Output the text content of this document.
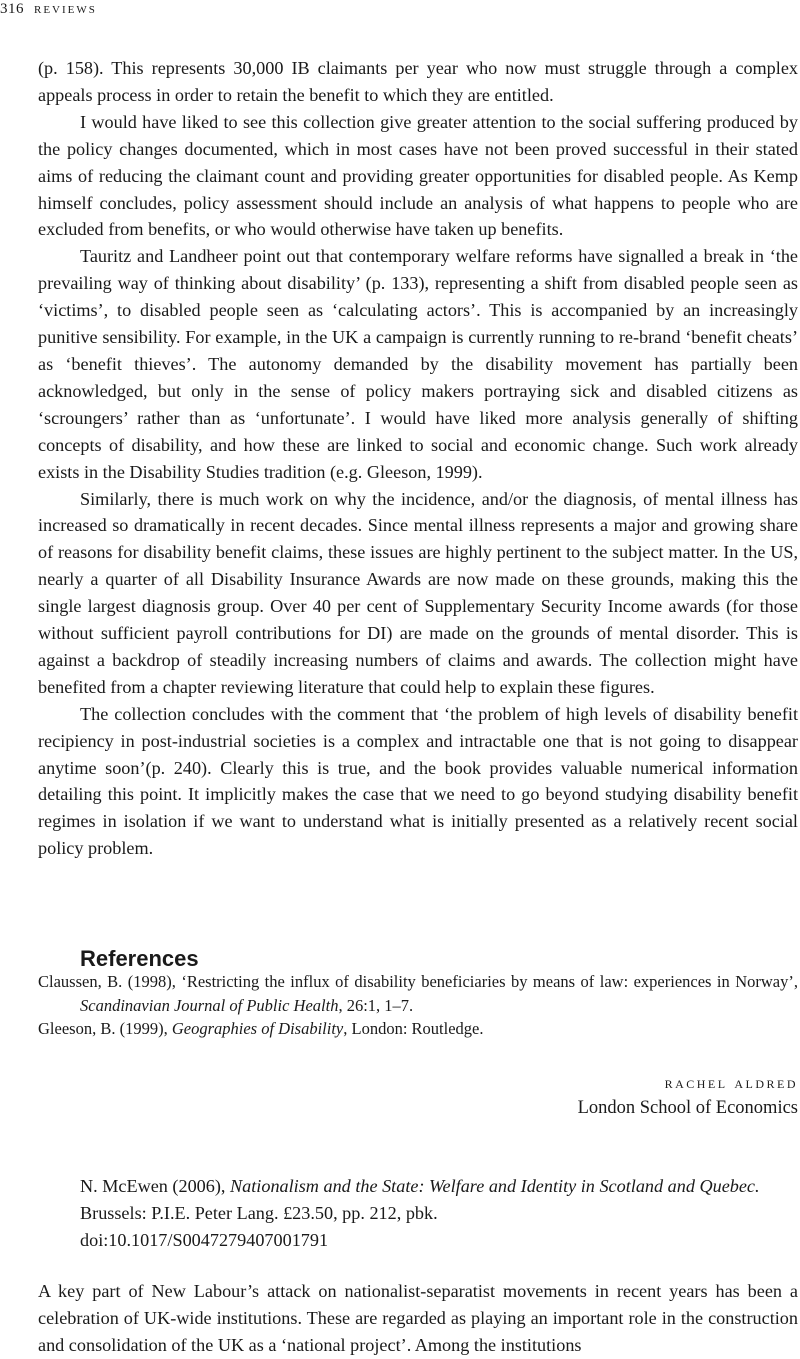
316 reviews

(p. 158). This represents 30,000 IB claimants per year who now must struggle through a complex appeals process in order to retain the benefit to which they are entitled.

I would have liked to see this collection give greater attention to the social suffering produced by the policy changes documented, which in most cases have not been proved successful in their stated aims of reducing the claimant count and providing greater opportunities for disabled people. As Kemp himself concludes, policy assessment should include an analysis of what happens to people who are excluded from benefits, or who would otherwise have taken up benefits.

Tauritz and Landheer point out that contemporary welfare reforms have signalled a break in ‘the prevailing way of thinking about disability’ (p. 133), representing a shift from disabled people seen as ‘victims’, to disabled people seen as ‘calculating actors’. This is accompanied by an increasingly punitive sensibility. For example, in the UK a campaign is currently running to re-brand ‘benefit cheats’ as ‘benefit thieves’. The autonomy demanded by the disability movement has partially been acknowledged, but only in the sense of policy makers portraying sick and disabled citizens as ‘scroungers’ rather than as ‘unfortunate’. I would have liked more analysis generally of shifting concepts of disability, and how these are linked to social and economic change. Such work already exists in the Disability Studies tradition (e.g. Gleeson, 1999).

Similarly, there is much work on why the incidence, and/or the diagnosis, of mental illness has increased so dramatically in recent decades. Since mental illness represents a major and growing share of reasons for disability benefit claims, these issues are highly pertinent to the subject matter. In the US, nearly a quarter of all Disability Insurance Awards are now made on these grounds, making this the single largest diagnosis group. Over 40 per cent of Supplementary Security Income awards (for those without sufficient payroll contributions for DI) are made on the grounds of mental disorder. This is against a backdrop of steadily increasing numbers of claims and awards. The collection might have benefited from a chapter reviewing literature that could help to explain these figures.

The collection concludes with the comment that ‘the problem of high levels of disability benefit recipiency in post-industrial societies is a complex and intractable one that is not going to disappear anytime soon’(p. 240). Clearly this is true, and the book provides valuable numerical information detailing this point. It implicitly makes the case that we need to go beyond studying disability benefit regimes in isolation if we want to understand what is initially presented as a relatively recent social policy problem.

References

Claussen, B. (1998), ‘Restricting the influx of disability beneficiaries by means of law: experiences in Norway’, Scandinavian Journal of Public Health, 26:1, 1–7.

Gleeson, B. (1999), Geographies of Disability, London: Routledge.

rachel aldred
London School of Economics
N. McEwen (2006), Nationalism and the State: Welfare and Identity in Scotland and Quebec.
Brussels: P.I.E. Peter Lang. £23.50, pp. 212, pbk.
doi:10.1017/S0047279407001791

A key part of New Labour’s attack on nationalist-separatist movements in recent years has been a celebration of UK-wide institutions. These are regarded as playing an important role in the construction and consolidation of the UK as a ‘national project’. Among the institutions
